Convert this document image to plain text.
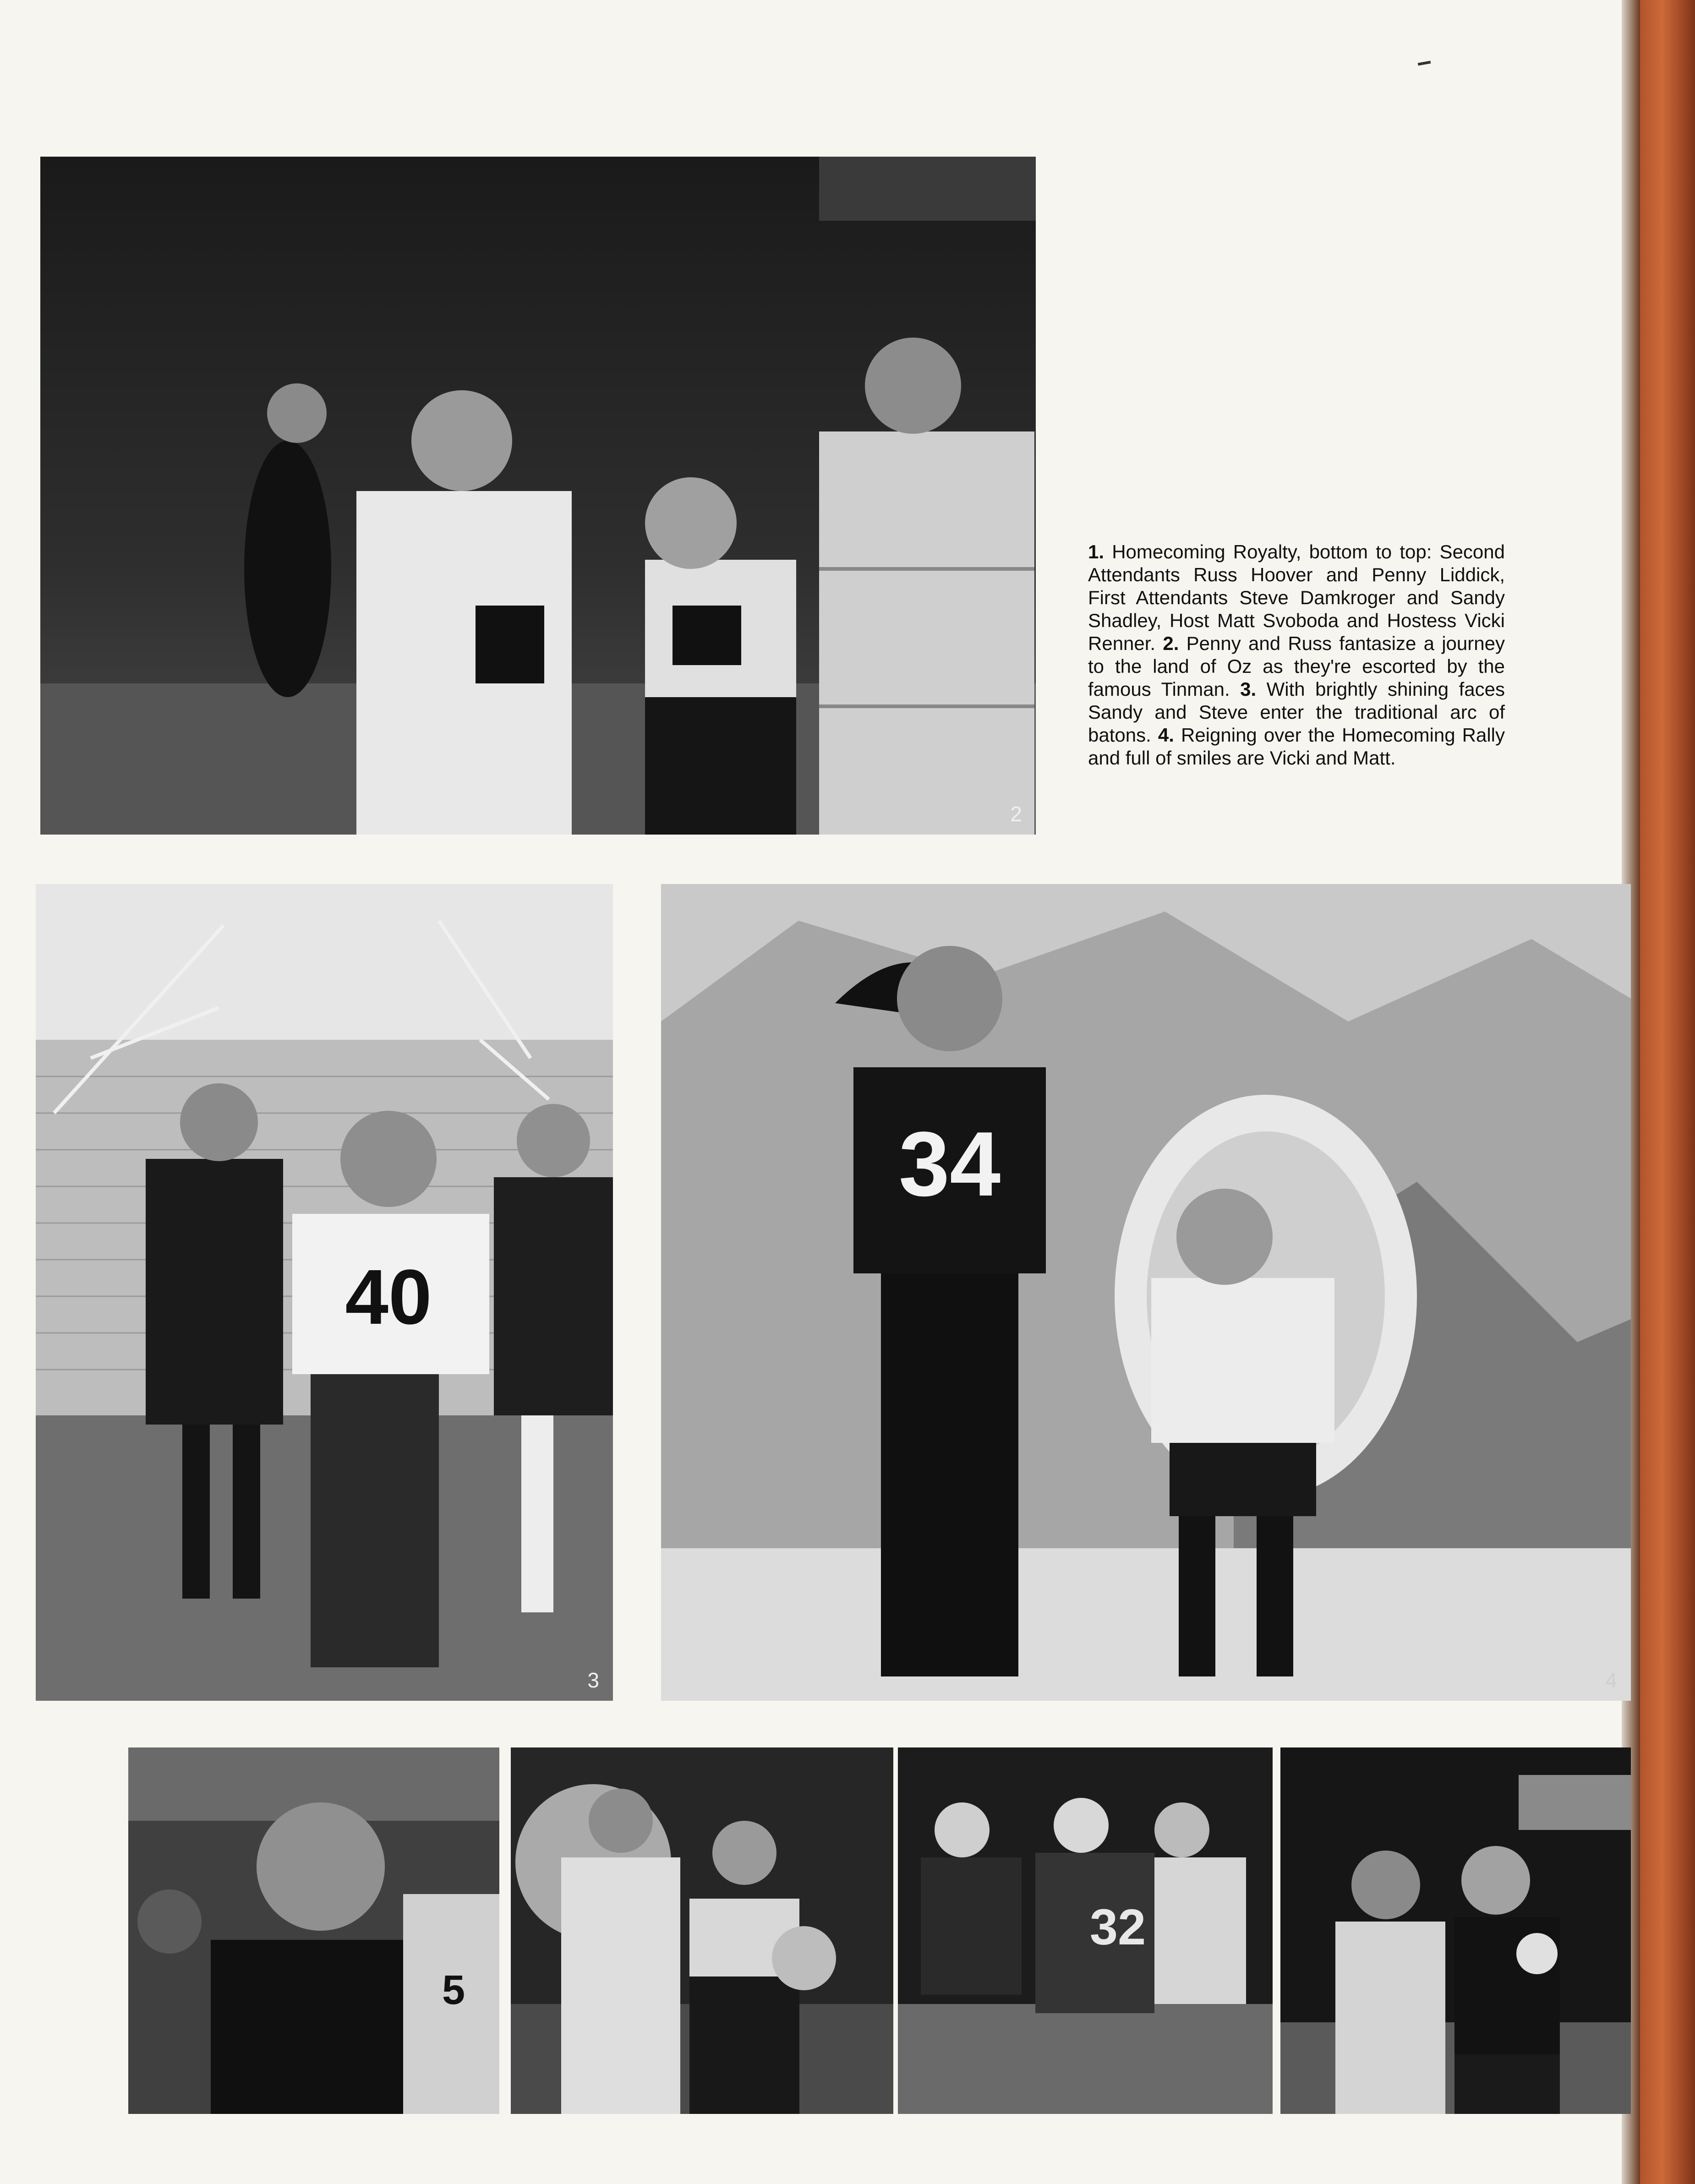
2
1. Homecoming Royalty, bottom to top: Second Attendants Russ Hoover and Penny Liddick, First Attendants Steve Damkroger and Sandy Shadley, Host Matt Svoboda and Hostess Vicki Renner. 2. Penny and Russ fantasize a journey to the land of Oz as they're escorted by the famous Tinman. 3. With brightly shining faces Sandy and Steve enter the traditional arc of batons. 4. Reigning over the Homecoming Rally and full of smiles are Vicki and Matt.
40
3
34
4
5
32
